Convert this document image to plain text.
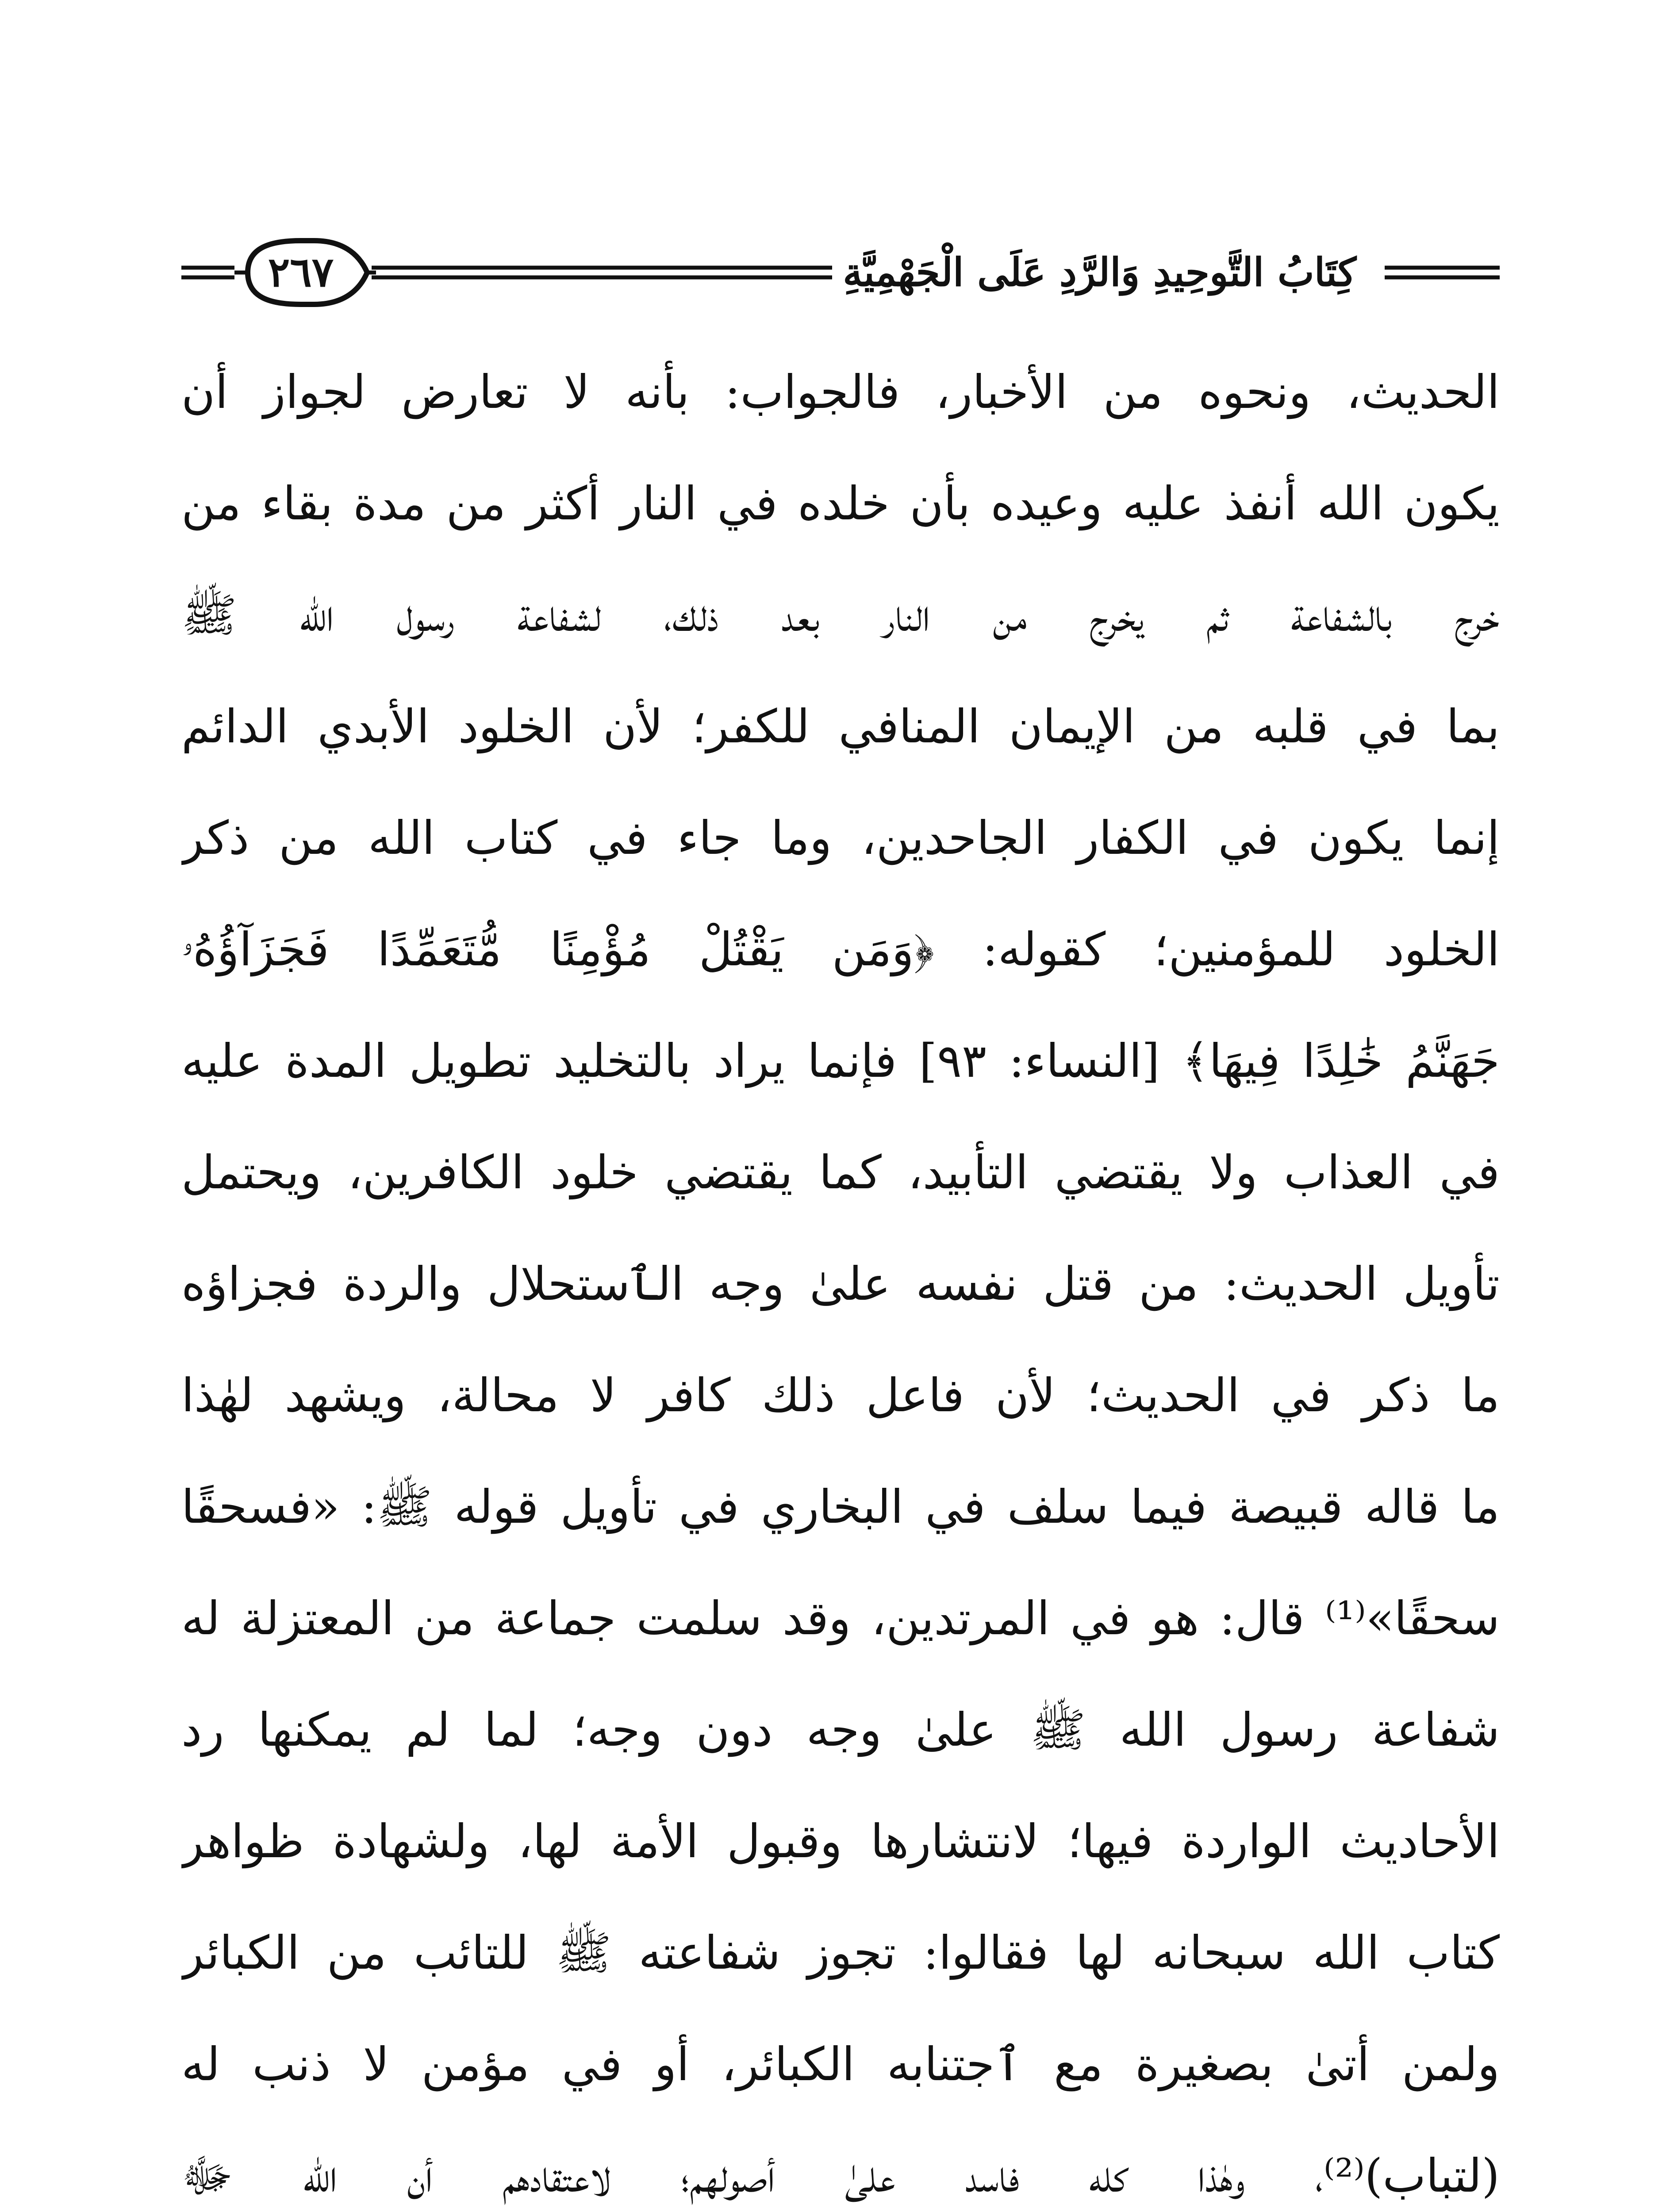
كِتَابُ التَّوحِيدِ وَالرَّدِ عَلَى الْجَهْمِيَّةِ
٢٦٧
الحديث، ونحوه من الأخبار، فالجواب: بأنه لا تعارض لجواز أن
يكون الله أنفذ عليه وعيده بأن خلده في النار أكثر من مدة بقاء من
خرج بالشفاعة ثم يخرج من النار بعد ذلك، لشفاعة رسول الله ﷺ
بما في قلبه من الإيمان المنافي للكفر؛ لأن الخلود الأبدي الدائم
إنما يكون في الكفار الجاحدين، وما جاء في كتاب الله من ذكر
الخلود للمؤمنين؛ كقوله: ﴿وَمَن يَقْتُلْ مُؤْمِنًا مُّتَعَمِّدًا فَجَزَآؤُهُۥ
جَهَنَّمُ خَٰلِدًا فِيهَا﴾ [النساء: ٩٣] فإنما يراد بالتخليد تطويل المدة عليه
في العذاب ولا يقتضي التأبيد، كما يقتضي خلود الكافرين، ويحتمل
تأويل الحديث: من قتل نفسه علىٰ وجه الٱستحلال والردة فجزاؤه
ما ذكر في الحديث؛ لأن فاعل ذلك كافر لا محالة، ويشهد لهٰذا
ما قاله قبيصة فيما سلف في البخاري في تأويل قوله ﷺ: «فسحقًا
سحقًا»⁽¹⁾ قال: هو في المرتدين، وقد سلمت جماعة من المعتزلة له
شفاعة رسول الله ﷺ علىٰ وجه دون وجه؛ لما لم يمكنها رد
الأحاديث الواردة فيها؛ لانتشارها وقبول الأمة لها، ولشهادة ظواهر
كتاب الله سبحانه لها فقالوا: تجوز شفاعته ﷺ للتائب من الكبائر
ولمن أتىٰ بصغيرة مع ٱجتنابه الكبائر، أو في مؤمن لا ذنب له
(لتباب)⁽²⁾، وهٰذا كله فاسد علىٰ أصولهم؛ لاعتقادهم أن الله ﷻ
